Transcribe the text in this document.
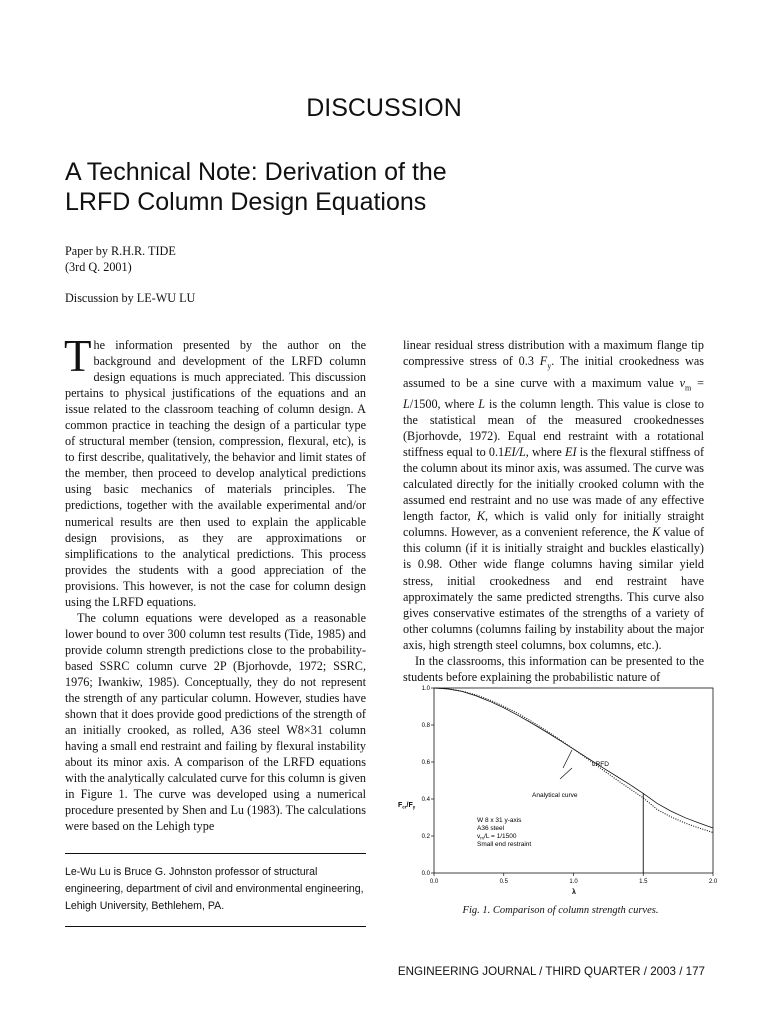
DISCUSSION
A Technical Note: Derivation of the
LRFD Column Design Equations
Paper by R.H.R. TIDE
(3rd Q. 2001)
Discussion by LE-WU LU

The information presented by the author on the background and development of the LRFD column design equations is much appreciated. This discussion pertains to physical justifications of the equations and an issue related to the classroom teaching of column design. A common practice in teaching the design of a particular type of structural member (tension, compression, flexural, etc), is to first describe, qualitatively, the behavior and limit states of the member, then proceed to develop analytical predictions using basic mechanics of materials principles. The predictions, together with the available experimental and/or numerical results are then used to explain the applicable design provisions, as they are approximations or simplifications to the analytical predictions. This process provides the students with a good appreciation of the provisions. This however, is not the case for column design using the LRFD equations.

The column equations were developed as a reasonable lower bound to over 300 column test results (Tide, 1985) and provide column strength predictions close to the probability-based SSRC column curve 2P (Bjorhovde, 1972; SSRC, 1976; Iwankiw, 1985). Conceptually, they do not represent the strength of any particular column. However, studies have shown that it does provide good predictions of the strength of an initially crooked, as rolled, A36 steel W8×31 column having a small end restraint and failing by flexural instability about its minor axis. A comparison of the LRFD equations with the analytically calculated curve for this column is given in Figure 1. The curve was developed using a numerical procedure presented by Shen and Lu (1983). The calculations were based on the Lehigh type

linear residual stress distribution with a maximum flange tip compressive stress of 0.3 $F_y$. The initial crookedness was assumed to be a sine curve with a maximum value $v_m = L/1500$, where L is the column length. This value is close to the statistical mean of the measured crookednesses (Bjorhovde, 1972). Equal end restraint with a rotational stiffness equal to 0.1EI/L, where EI is the flexural stiffness of the column about its minor axis, was assumed. The curve was calculated directly for the initially crooked column with the assumed end restraint and no use was made of any effective length factor, K, which is valid only for initially straight columns. However, as a convenient reference, the K value of this column (if it is initially straight and buckles elastically) is 0.98. Other wide flange columns having similar yield stress, initial crookedness and end restraint have approximately the same predicted strengths. This curve also gives conservative estimates of the strengths of a variety of other columns (columns failing by instability about the major axis, high strength steel columns, box columns, etc.).

In the classrooms, this information can be presented to the students before explaining the probabilistic nature of

Le-Wu Lu is Bruce G. Johnston professor of structural engineering, department of civil and environmental engineering, Lehigh University, Bethlehem, PA.
0.0	0.5	1.0	1.5	2.0
0.0
0.2
0.4
0.6
0.8
1.0
LRFD
Analytical curve
W 8 x 31 y-axis
A36 steel
$v_m/L = 1/1500$
Small end restraint
λ
$F_{cr}/F_y$
Fig. 1. Comparison of column strength curves.
ENGINEERING JOURNAL / THIRD QUARTER / 2003 / 177
